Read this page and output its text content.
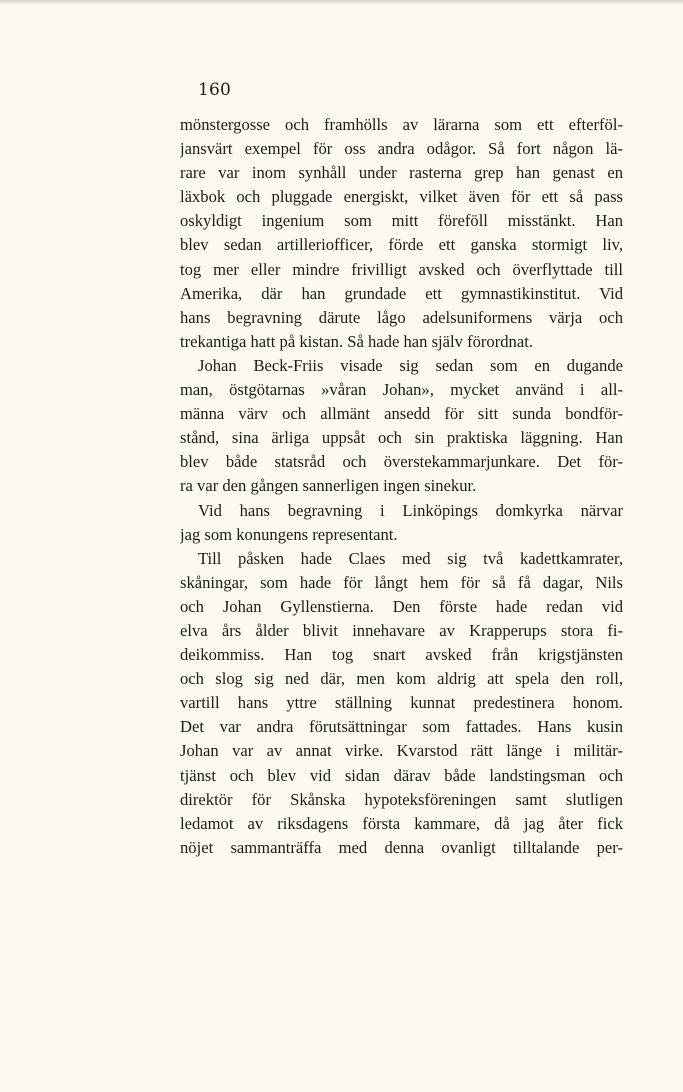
160
mönstergosse och framhölls av lärarna som ett efterföl-
jansvärt exempel för oss andra odågor. Så fort någon lä-
rare var inom synhåll under rasterna grep han genast en
läxbok och pluggade energiskt, vilket även för ett så pass
oskyldigt ingenium som mitt föreföll misstänkt. Han
blev sedan artilleriofficer, förde ett ganska stormigt liv,
tog mer eller mindre frivilligt avsked och överflyttade till
Amerika, där han grundade ett gymnastikinstitut. Vid
hans begravning därute lågo adelsuniformens värja och
trekantiga hatt på kistan. Så hade han själv förordnat.
Johan Beck-Friis visade sig sedan som en dugande
man, östgötarnas »våran Johan», mycket använd i all-
männa värv och allmänt ansedd för sitt sunda bondför-
stånd, sina ärliga uppsåt och sin praktiska läggning. Han
blev både statsråd och överstekammarjunkare. Det för-
ra var den gången sannerligen ingen sinekur.
Vid hans begravning i Linköpings domkyrka närvar
jag som konungens representant.
Till påsken hade Claes med sig två kadettkamrater,
skåningar, som hade för långt hem för så få dagar, Nils
och Johan Gyllenstierna. Den förste hade redan vid
elva års ålder blivit innehavare av Krapperups stora fi-
deikommiss. Han tog snart avsked från krigstjänsten
och slog sig ned där, men kom aldrig att spela den roll,
vartill hans yttre ställning kunnat predestinera honom.
Det var andra förutsättningar som fattades. Hans kusin
Johan var av annat virke. Kvarstod rätt länge i militär-
tjänst och blev vid sidan därav både landstingsman och
direktör för Skånska hypoteksföreningen samt slutligen
ledamot av riksdagens första kammare, då jag åter fick
nöjet sammanträffa med denna ovanligt tilltalande per-
